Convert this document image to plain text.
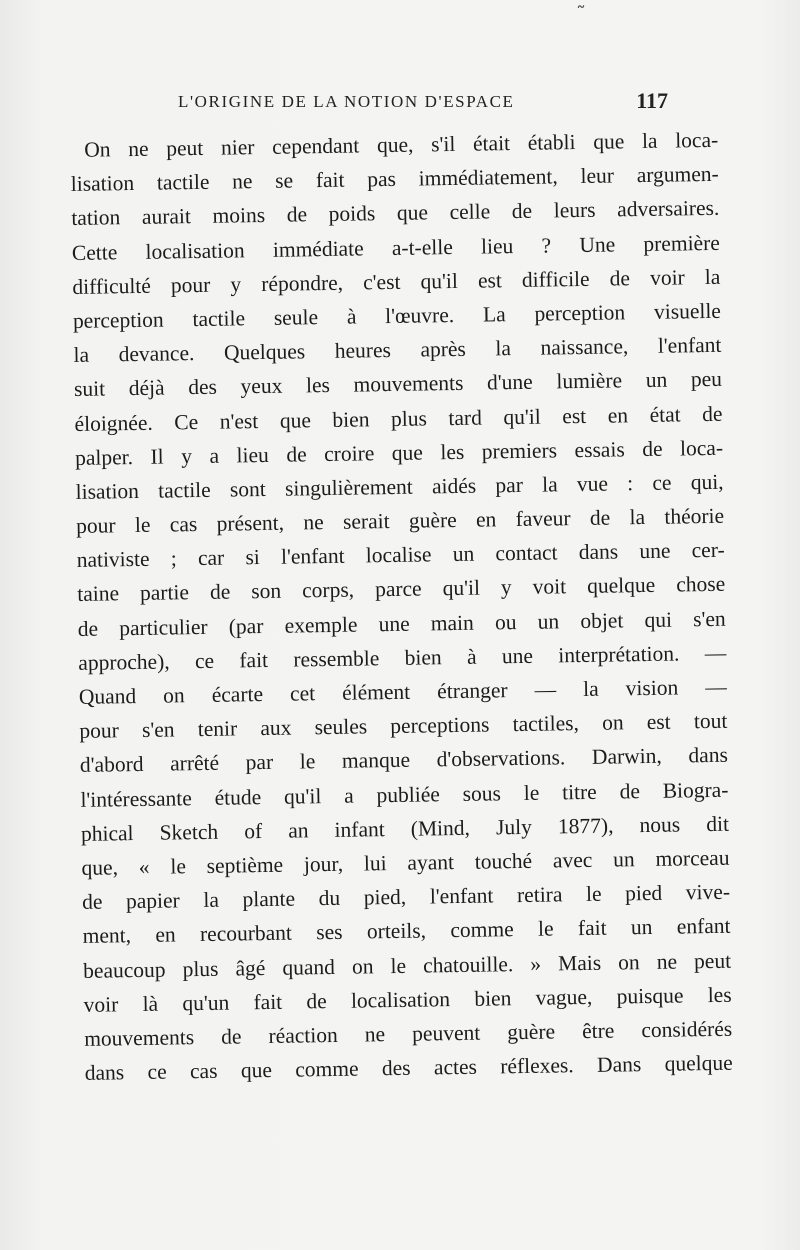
˜
L'ORIGINE DE LA NOTION D'ESPACE	117
On ne peut nier cependant que, s'il était établi que la loca-
lisation tactile ne se fait pas immédiatement, leur argumen-
tation aurait moins de poids que celle de leurs adversaires.
Cette localisation immédiate a-t-elle lieu ? Une première
difficulté pour y répondre, c'est qu'il est difficile de voir la
perception tactile seule à l'œuvre. La perception visuelle
la devance. Quelques heures après la naissance, l'enfant
suit déjà des yeux les mouvements d'une lumière un peu
éloignée. Ce n'est que bien plus tard qu'il est en état de
palper. Il y a lieu de croire que les premiers essais de loca-
lisation tactile sont singulièrement aidés par la vue : ce qui,
pour le cas présent, ne serait guère en faveur de la théorie
nativiste ; car si l'enfant localise un contact dans une cer-
taine partie de son corps, parce qu'il y voit quelque chose
de particulier (par exemple une main ou un objet qui s'en
approche), ce fait ressemble bien à une interprétation. —
Quand on écarte cet élément étranger — la vision —
pour s'en tenir aux seules perceptions tactiles, on est tout
d'abord arrêté par le manque d'observations. Darwin, dans
l'intéressante étude qu'il a publiée sous le titre de Biogra-
phical Sketch of an infant (Mind, July 1877), nous dit
que, « le septième jour, lui ayant touché avec un morceau
de papier la plante du pied, l'enfant retira le pied vive-
ment, en recourbant ses orteils, comme le fait un enfant
beaucoup plus âgé quand on le chatouille. » Mais on ne peut
voir là qu'un fait de localisation bien vague, puisque les
mouvements de réaction ne peuvent guère être considérés
dans ce cas que comme des actes réflexes. Dans quelque
